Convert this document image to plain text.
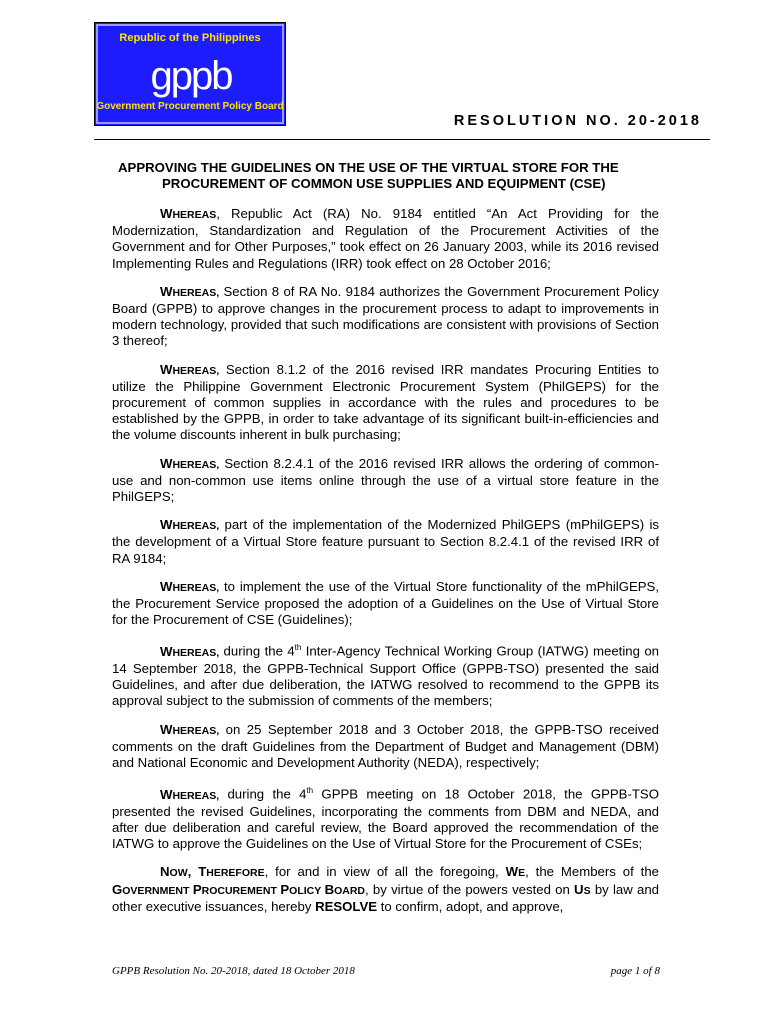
Republic of the Philippines
gppb
Government Procurement Policy Board
RESOLUTION NO. 20-2018

APPROVING THE GUIDELINES ON THE USE OF THE VIRTUAL STORE FOR THE PROCUREMENT OF COMMON USE SUPPLIES AND EQUIPMENT (CSE)

WHEREAS, Republic Act (RA) No. 9184 entitled “An Act Providing for the Modernization, Standardization and Regulation of the Procurement Activities of the Government and for Other Purposes,” took effect on 26 January 2003, while its 2016 revised Implementing Rules and Regulations (IRR) took effect on 28 October 2016;

WHEREAS, Section 8 of RA No. 9184 authorizes the Government Procurement Policy Board (GPPB) to approve changes in the procurement process to adapt to improvements in modern technology, provided that such modifications are consistent with provisions of Section 3 thereof;

WHEREAS, Section 8.1.2 of the 2016 revised IRR mandates Procuring Entities to utilize the Philippine Government Electronic Procurement System (PhilGEPS) for the procurement of common supplies in accordance with the rules and procedures to be established by the GPPB, in order to take advantage of its significant built-in-efficiencies and the volume discounts inherent in bulk purchasing;

WHEREAS, Section 8.2.4.1 of the 2016 revised IRR allows the ordering of common-use and non-common use items online through the use of a virtual store feature in the PhilGEPS;

WHEREAS, part of the implementation of the Modernized PhilGEPS (mPhilGEPS) is the development of a Virtual Store feature pursuant to Section 8.2.4.1 of the revised IRR of RA 9184;

WHEREAS, to implement the use of the Virtual Store functionality of the mPhilGEPS, the Procurement Service proposed the adoption of a Guidelines on the Use of Virtual Store for the Procurement of CSE (Guidelines);

WHEREAS, during the 4th Inter-Agency Technical Working Group (IATWG) meeting on 14 September 2018, the GPPB-Technical Support Office (GPPB-TSO) presented the said Guidelines, and after due deliberation, the IATWG resolved to recommend to the GPPB its approval subject to the submission of comments of the members;

WHEREAS, on 25 September 2018 and 3 October 2018, the GPPB-TSO received comments on the draft Guidelines from the Department of Budget and Management (DBM) and National Economic and Development Authority (NEDA), respectively;

WHEREAS, during the 4th GPPB meeting on 18 October 2018, the GPPB-TSO presented the revised Guidelines, incorporating the comments from DBM and NEDA, and after due deliberation and careful review, the Board approved the recommendation of the IATWG to approve the Guidelines on the Use of Virtual Store for the Procurement of CSEs;

NOW, THEREFORE, for and in view of all the foregoing, WE, the Members of the GOVERNMENT PROCUREMENT POLICY BOARD, by virtue of the powers vested on US by law and other executive issuances, hereby RESOLVE to confirm, adopt, and approve,

GPPB Resolution No. 20-2018, dated 18 October 2018	page 1 of 8
